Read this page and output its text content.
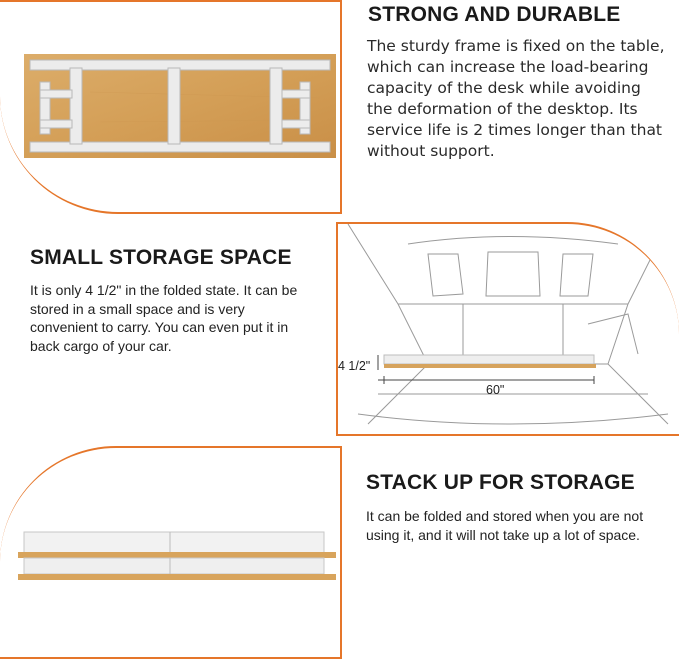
STRONG AND DURABLE
The sturdy frame is fixed on the table, which can increase the load-bearing capacity of the desk while avoiding the deformation of the desktop. Its service life is 2 times longer than that without support.
SMALL STORAGE SPACE
It is only 4 1/2" in the folded state. It can be stored in a small space and is very convenient to carry. You can even put it in back cargo of your car.
4 1/2"
60"
STACK UP FOR STORAGE
It can be folded and stored when you are not using it, and it will not take up a lot of space.
